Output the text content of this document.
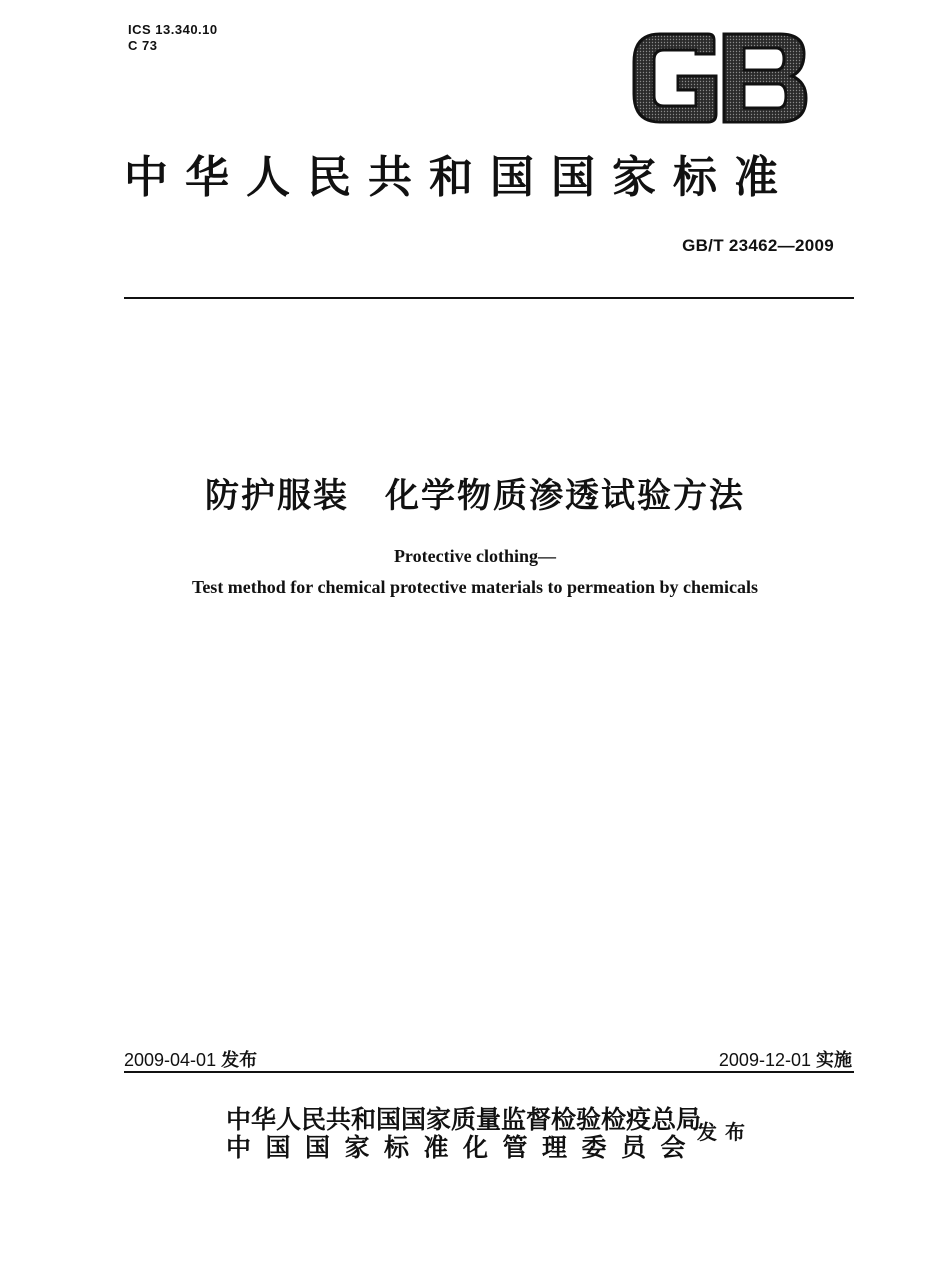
ICS 13.340.10
C 73
中华人民共和国国家标准
GB/T 23462—2009
防护服装　化学物质渗透试验方法
Protective clothing—
Test method for chemical protective materials to permeation by chemicals
2009-04-01 发布	2009-12-01 实施
中华人民共和国国家质量监督检验检疫总局
中国国家标准化管理委员会
发布
